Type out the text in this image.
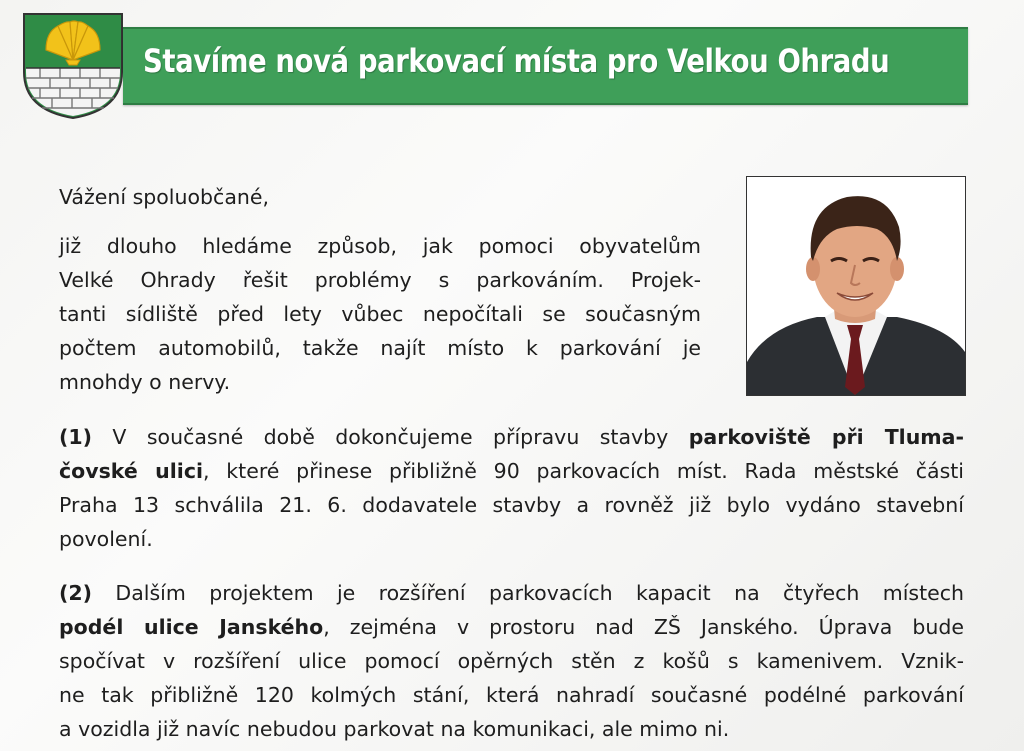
Stavíme nová parkovací místa pro Velkou Ohradu
Vážení spoluobčané,
již dlouho hledáme způsob, jak pomoci obyvatelům
Velké Ohrady řešit problémy s parkováním. Projek-
tanti sídliště před lety vůbec nepočítali se současným
počtem automobilů, takže najít místo k parkování je
mnohdy o nervy.
(1) V současné době dokončujeme přípravu stavby parkoviště při Tluma-
čovské ulici, které přinese přibližně 90 parkovacích míst. Rada městské části
Praha 13 schválila 21. 6. dodavatele stavby a rovněž již bylo vydáno stavební
povolení.
(2) Dalším projektem je rozšíření parkovacích kapacit na čtyřech místech
podél ulice Janského, zejména v prostoru nad ZŠ Janského. Úprava bude
spočívat v rozšíření ulice pomocí opěrných stěn z košů s kamenivem. Vznik-
ne tak přibližně 120 kolmých stání, která nahradí současné podélné parkování
a vozidla již navíc nebudou parkovat na komunikaci, ale mimo ni.
